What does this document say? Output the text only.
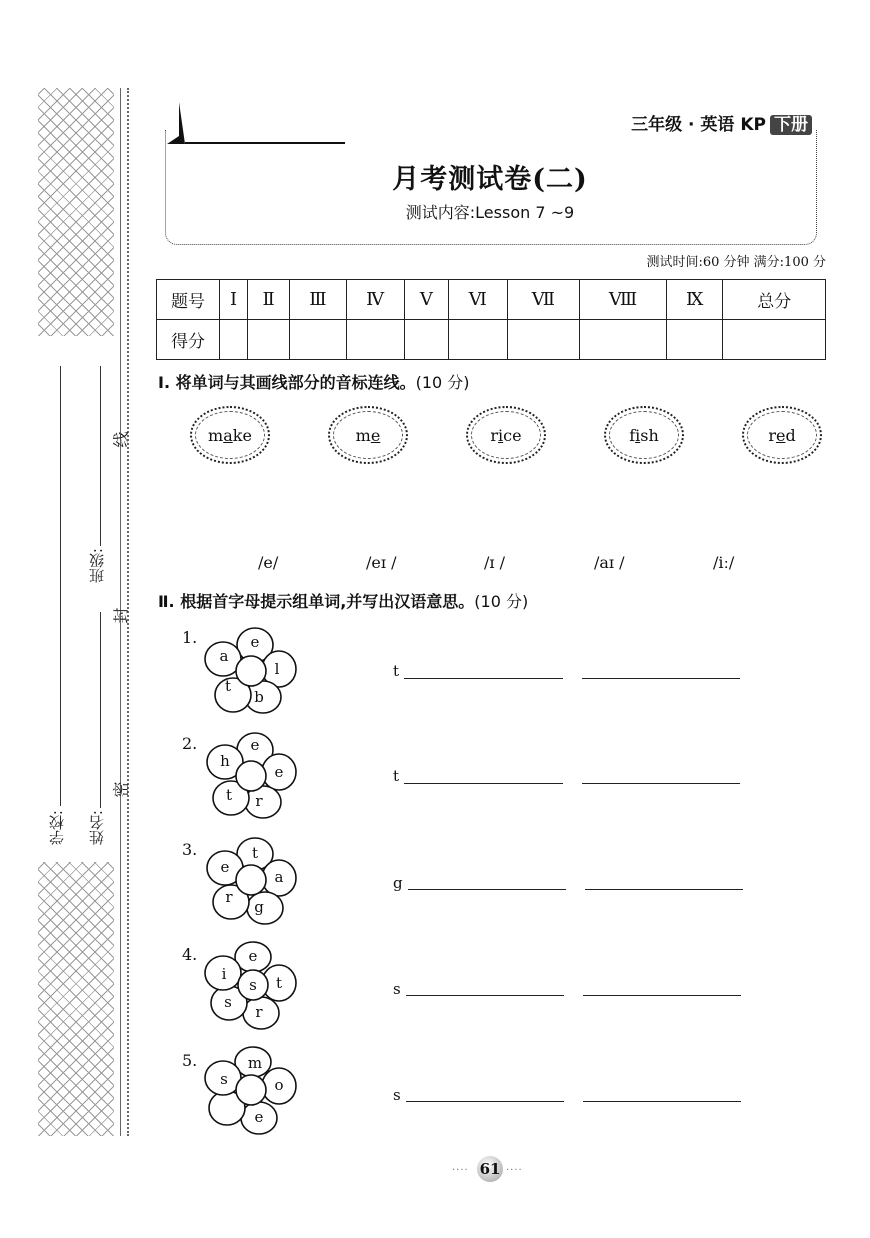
学校: 姓名:
班级:
密
封
线
三年级 · 英语 KP 下册
月考测试卷(二)
测试内容:Lesson 7 ~9
测试时间:60 分钟 满分:100 分
题号	Ⅰ	Ⅱ	Ⅲ	Ⅳ	Ⅴ	Ⅵ	Ⅶ	Ⅷ	Ⅸ	总分
得分										
Ⅰ. 将单词与其画线部分的音标连线。(10 分)
m a ke	m e	r i ce	f i sh	r e d
/e/	/eɪ /	/ɪ /	/aɪ /	/iː/
Ⅱ. 根据首字母提示组单词,并写出汉语意思。(10 分)
1.	e
a
l
t
b
t
2.	e
h
e
t r
t
3.	t
e
a
r
g
g
4.	e
i
s t
s
r
s
5.	m
s	o
e
s
···· 61 ····
